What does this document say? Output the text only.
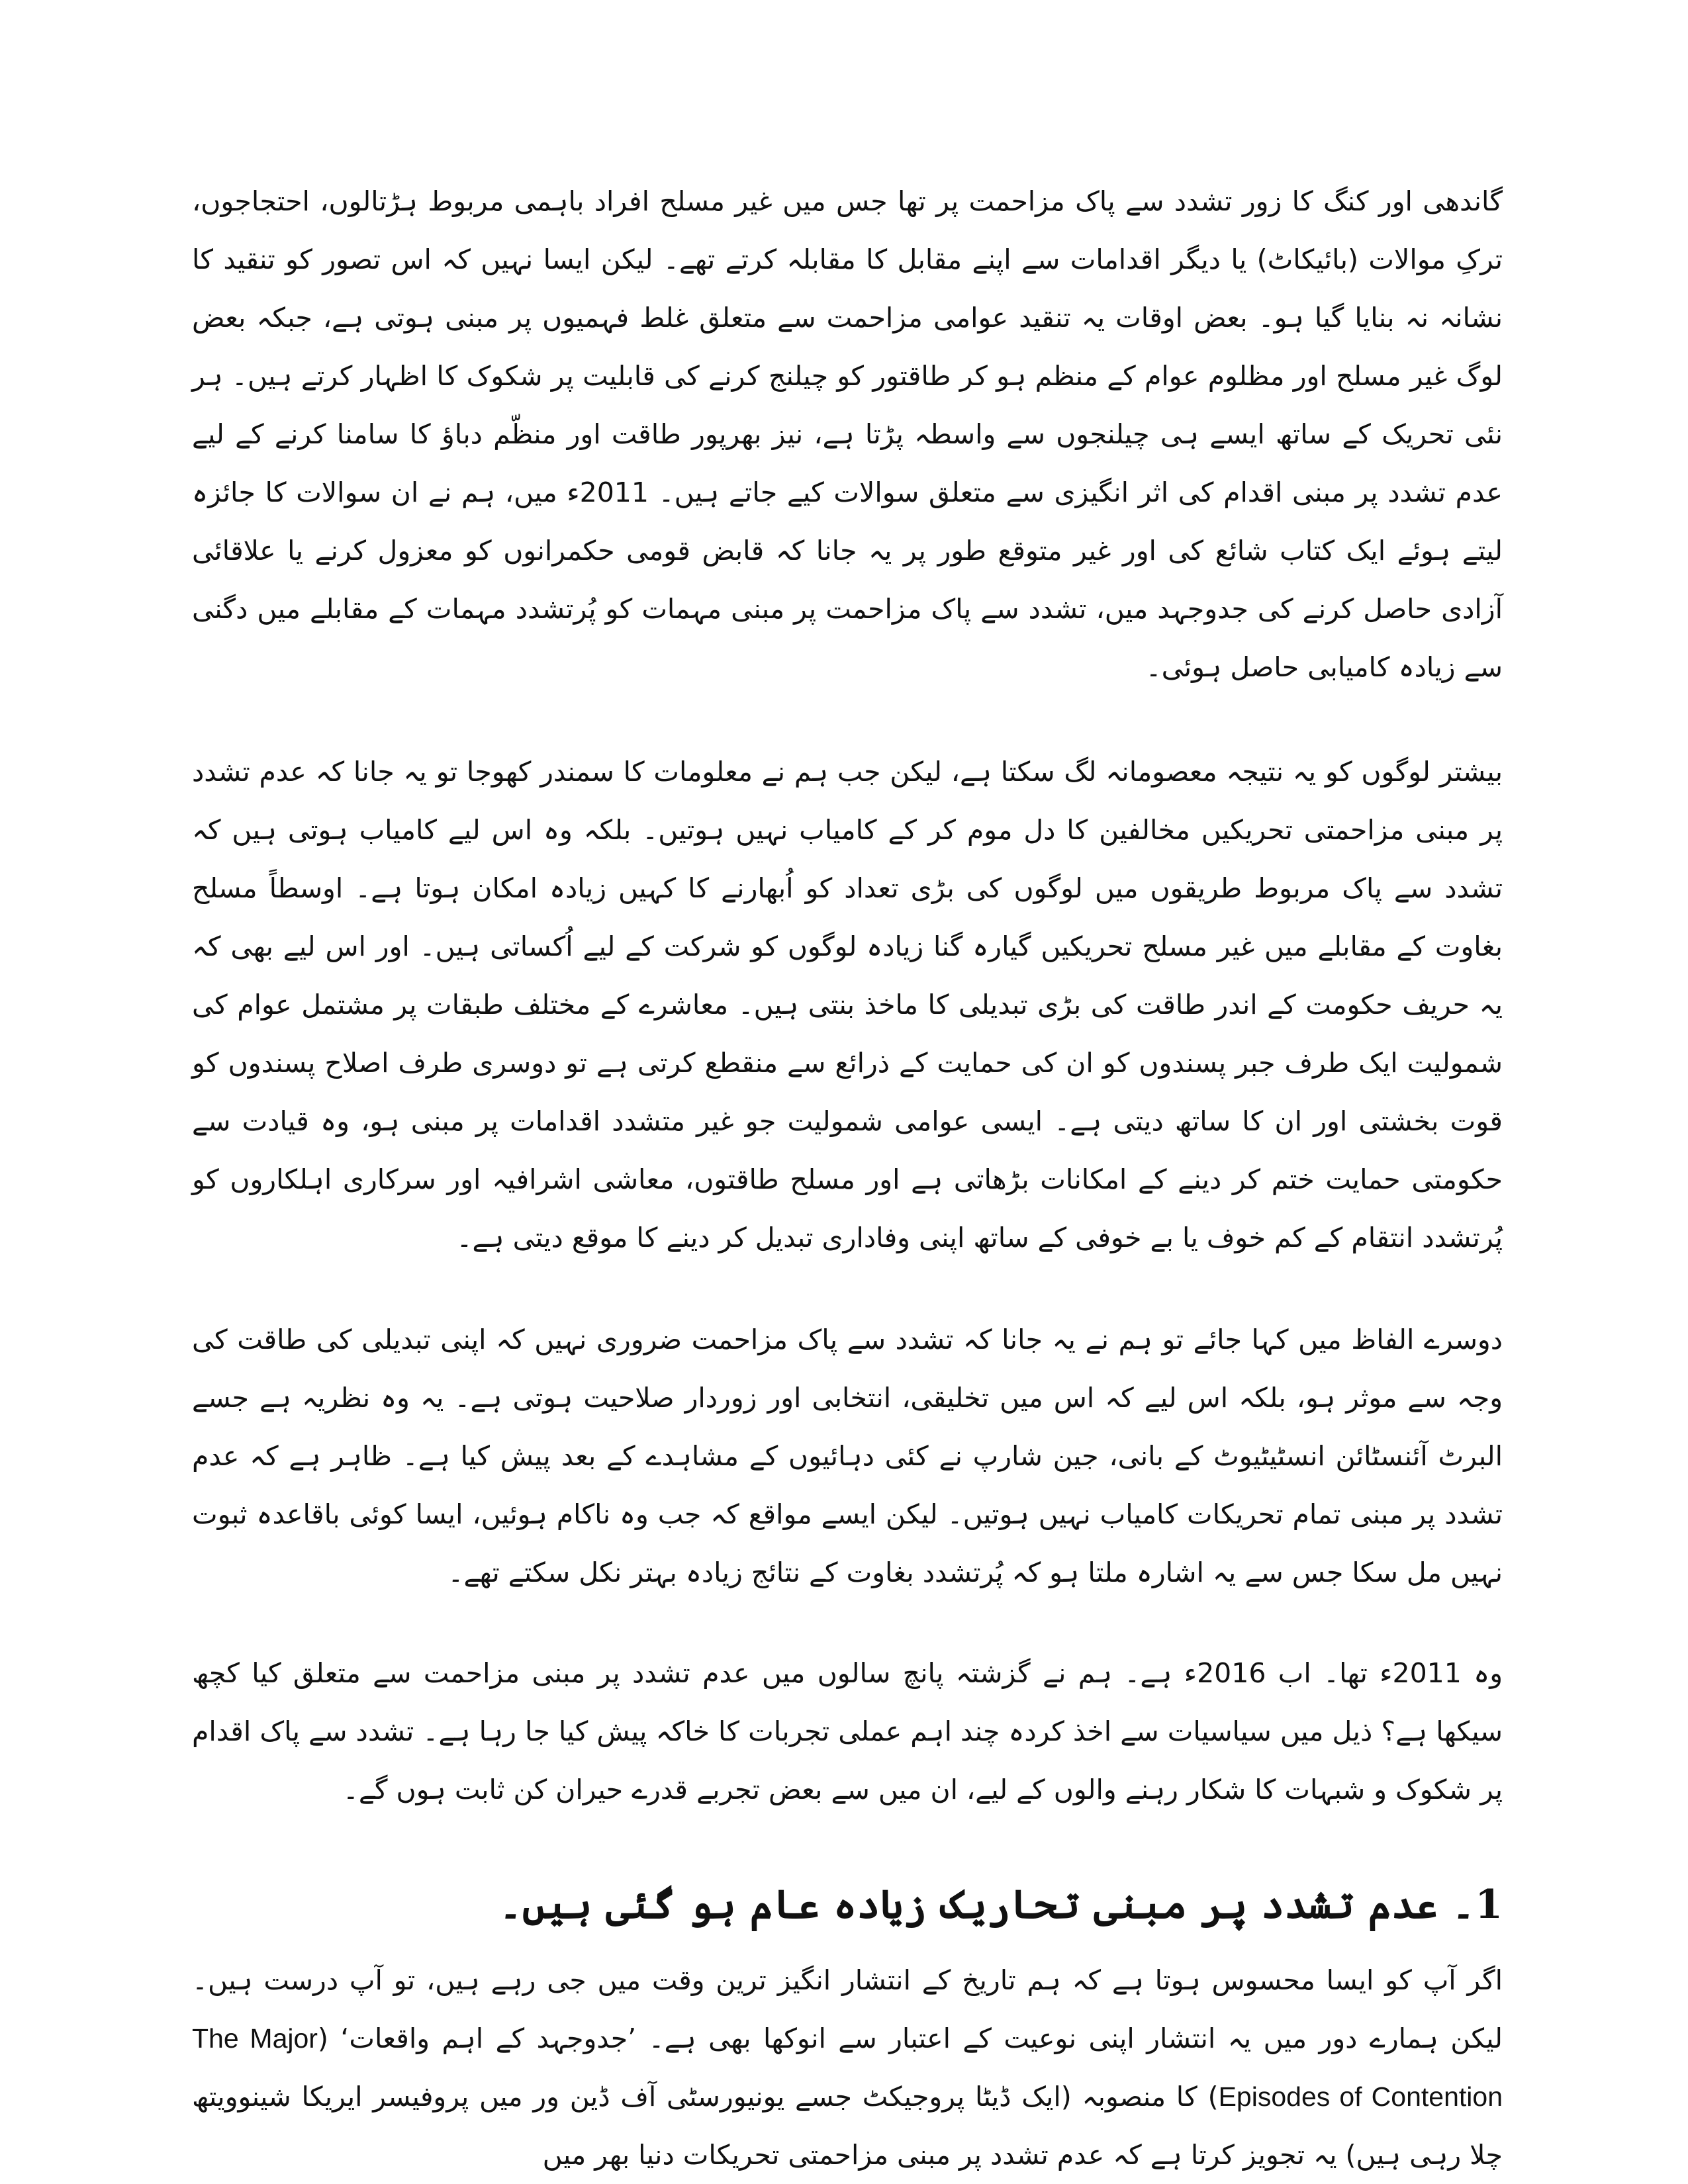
گاندھی اور کنگ کا زور تشدد سے پاک مزاحمت پر تھا جس میں غیر مسلح افراد باہمی مربوط ہڑتالوں، احتجاجوں، ترکِ موالات (بائیکاٹ) یا دیگر اقدامات سے اپنے مقابل کا مقابلہ کرتے تھے۔ لیکن ایسا نہیں کہ اس تصور کو تنقید کا نشانہ نہ بنایا گیا ہو۔ بعض اوقات یہ تنقید عوامی مزاحمت سے متعلق غلط فہمیوں پر مبنی ہوتی ہے، جبکہ بعض لوگ غیر مسلح اور مظلوم عوام کے منظم ہو کر طاقتور کو چیلنج کرنے کی قابلیت پر شکوک کا اظہار کرتے ہیں۔ ہر نئی تحریک کے ساتھ ایسے ہی چیلنجوں سے واسطہ پڑتا ہے، نیز بھرپور طاقت اور منظّم دباؤ کا سامنا کرنے کے لیے عدم تشدد پر مبنی اقدام کی اثر انگیزی سے متعلق سوالات کیے جاتے ہیں۔ 2011ء میں، ہم نے ان سوالات کا جائزہ لیتے ہوئے ایک کتاب شائع کی اور غیر متوقع طور پر یہ جانا کہ قابض قومی حکمرانوں کو معزول کرنے یا علاقائی آزادی حاصل کرنے کی جدوجہد میں، تشدد سے پاک مزاحمت پر مبنی مہمات کو پُرتشدد مہمات کے مقابلے میں دگنی سے زیادہ کامیابی حاصل ہوئی۔

بیشتر لوگوں کو یہ نتیجہ معصومانہ لگ سکتا ہے، لیکن جب ہم نے معلومات کا سمندر کھوجا تو یہ جانا کہ عدم تشدد پر مبنی مزاحمتی تحریکیں مخالفین کا دل موم کر کے کامیاب نہیں ہوتیں۔ بلکہ وہ اس لیے کامیاب ہوتی ہیں کہ تشدد سے پاک مربوط طریقوں میں لوگوں کی بڑی تعداد کو اُبھارنے کا کہیں زیادہ امکان ہوتا ہے۔ اوسطاً مسلح بغاوت کے مقابلے میں غیر مسلح تحریکیں گیارہ گنا زیادہ لوگوں کو شرکت کے لیے اُکساتی ہیں۔ اور اس لیے بھی کہ یہ حریف حکومت کے اندر طاقت کی بڑی تبدیلی کا ماخذ بنتی ہیں۔ معاشرے کے مختلف طبقات پر مشتمل عوام کی شمولیت ایک طرف جبر پسندوں کو ان کی حمایت کے ذرائع سے منقطع کرتی ہے تو دوسری طرف اصلاح پسندوں کو قوت بخشتی اور ان کا ساتھ دیتی ہے۔ ایسی عوامی شمولیت جو غیر متشدد اقدامات پر مبنی ہو، وہ قیادت سے حکومتی حمایت ختم کر دینے کے امکانات بڑھاتی ہے اور مسلح طاقتوں، معاشی اشرافیہ اور سرکاری اہلکاروں کو پُرتشدد انتقام کے کم خوف یا بے خوفی کے ساتھ اپنی وفاداری تبدیل کر دینے کا موقع دیتی ہے۔

دوسرے الفاظ میں کہا جائے تو ہم نے یہ جانا کہ تشدد سے پاک مزاحمت ضروری نہیں کہ اپنی تبدیلی کی طاقت کی وجہ سے موثر ہو، بلکہ اس لیے کہ اس میں تخلیقی، انتخابی اور زوردار صلاحیت ہوتی ہے۔ یہ وہ نظریہ ہے جسے البرٹ آئنسٹائن انسٹیٹیوٹ کے بانی، جین شارپ نے کئی دہائیوں کے مشاہدے کے بعد پیش کیا ہے۔ ظاہر ہے کہ عدم تشدد پر مبنی تمام تحریکات کامیاب نہیں ہوتیں۔ لیکن ایسے مواقع کہ جب وہ ناکام ہوئیں، ایسا کوئی باقاعدہ ثبوت نہیں مل سکا جس سے یہ اشارہ ملتا ہو کہ پُرتشدد بغاوت کے نتائج زیادہ بہتر نکل سکتے تھے۔

وہ 2011ء تھا۔ اب 2016ء ہے۔ ہم نے گزشتہ پانچ سالوں میں عدم تشدد پر مبنی مزاحمت سے متعلق کیا کچھ سیکھا ہے؟ ذیل میں سیاسیات سے اخذ کردہ چند اہم عملی تجربات کا خاکہ پیش کیا جا رہا ہے۔ تشدد سے پاک اقدام پر شکوک و شبہات کا شکار رہنے والوں کے لیے، ان میں سے بعض تجربے قدرے حیران کن ثابت ہوں گے۔

1۔ عدم تشدد پر مبنی تحاریک زیادہ عام ہو گئی ہیں۔

اگر آپ کو ایسا محسوس ہوتا ہے کہ ہم تاریخ کے انتشار انگیز ترین وقت میں جی رہے ہیں، تو آپ درست ہیں۔ لیکن ہمارے دور میں یہ انتشار اپنی نوعیت کے اعتبار سے انوکھا بھی ہے۔ ’جدوجہد کے اہم واقعات‘ (The Major Episodes of Contention) کا منصوبہ (ایک ڈیٹا پروجیکٹ جسے یونیورسٹی آف ڈین ور میں پروفیسر ایریکا شینوویتھ چلا رہی ہیں) یہ تجویز کرتا ہے کہ عدم تشدد پر مبنی مزاحمتی تحریکات دنیا بھر میں
